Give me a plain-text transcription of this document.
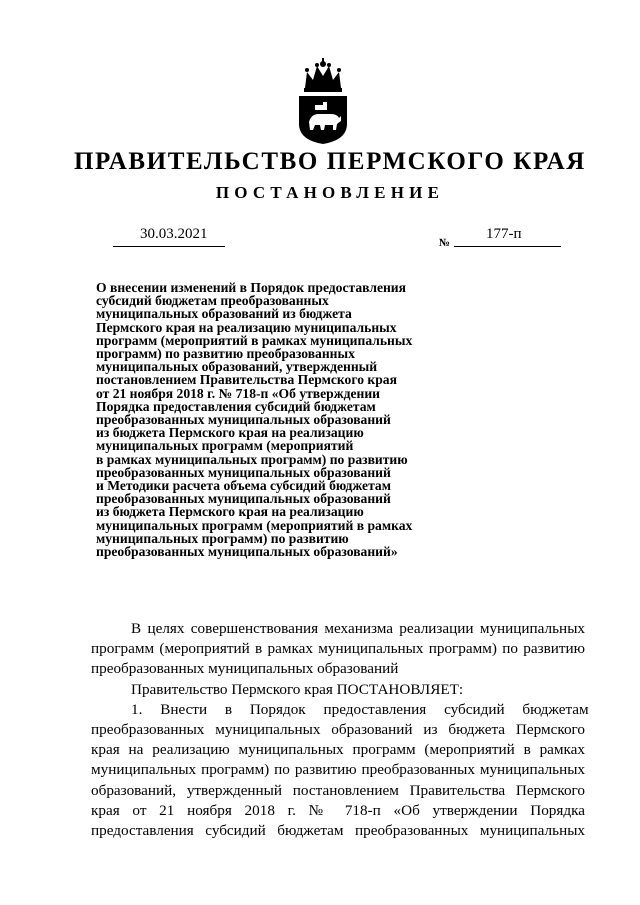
ПРАВИТЕЛЬСТВО ПЕРМСКОГО КРАЯ
ПОСТАНОВЛЕНИЕ
30.03.2021
№
177-п
О внесении изменений в Порядок предоставления
субсидий бюджетам преобразованных
муниципальных образований из бюджета
Пермского края на реализацию муниципальных
программ (мероприятий в рамках муниципальных
программ) по развитию преобразованных
муниципальных образований, утвержденный
постановлением Правительства Пермского края
от 21 ноября 2018 г. № 718-п «Об утверждении
Порядка предоставления субсидий бюджетам
преобразованных муниципальных образований
из бюджета Пермского края на реализацию
муниципальных программ (мероприятий
в рамках муниципальных программ) по развитию
преобразованных муниципальных образований
и Методики расчета объема субсидий бюджетам
преобразованных муниципальных образований
из бюджета Пермского края на реализацию
муниципальных программ (мероприятий в рамках
муниципальных программ) по развитию
преобразованных муниципальных образований»

В целях совершенствования механизма реализации муниципальных
программ (мероприятий в рамках муниципальных программ) по развитию
преобразованных муниципальных образований

Правительство Пермского края ПОСТАНОВЛЯЕТ:

1. Внести в Порядок предоставления субсидий бюджетам
преобразованных муниципальных образований из бюджета Пермского
края на реализацию муниципальных программ (мероприятий в рамках
муниципальных программ) по развитию преобразованных муниципальных
образований, утвержденный постановлением Правительства Пермского
края от 21 ноября 2018 г. № 718-п «Об утверждении Порядка
предоставления субсидий бюджетам преобразованных муниципальных
